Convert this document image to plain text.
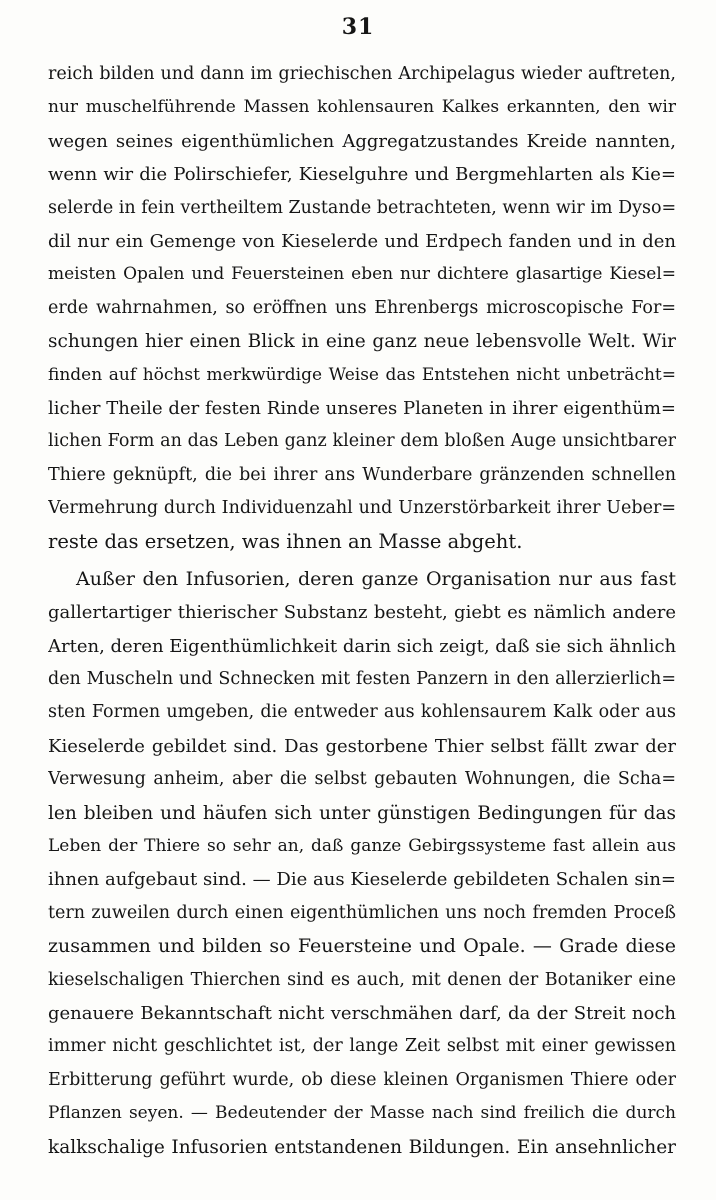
31
reich bilden und dann im griechischen Archipelagus wieder auftreten,
nur muschelführende Massen kohlensauren Kalkes erkannten, den wir
wegen seines eigenthümlichen Aggregatzustandes Kreide nannten,
wenn wir die Polirschiefer, Kieselguhre und Bergmehlarten als Kie=
selerde in fein vertheiltem Zustande betrachteten, wenn wir im Dyso=
dil nur ein Gemenge von Kieselerde und Erdpech fanden und in den
meisten Opalen und Feuersteinen eben nur dichtere glasartige Kiesel=
erde wahrnahmen, so eröffnen uns Ehrenbergs microscopische For=
schungen hier einen Blick in eine ganz neue lebensvolle Welt. Wir
finden auf höchst merkwürdige Weise das Entstehen nicht unbeträcht=
licher Theile der festen Rinde unseres Planeten in ihrer eigenthüm=
lichen Form an das Leben ganz kleiner dem bloßen Auge unsichtbarer
Thiere geknüpft, die bei ihrer ans Wunderbare gränzenden schnellen
Vermehrung durch Individuenzahl und Unzerstörbarkeit ihrer Ueber=
reste das ersetzen, was ihnen an Masse abgeht.
Außer den Infusorien, deren ganze Organisation nur aus fast
gallertartiger thierischer Substanz besteht, giebt es nämlich andere
Arten, deren Eigenthümlichkeit darin sich zeigt, daß sie sich ähnlich
den Muscheln und Schnecken mit festen Panzern in den allerzierlich=
sten Formen umgeben, die entweder aus kohlensaurem Kalk oder aus
Kieselerde gebildet sind. Das gestorbene Thier selbst fällt zwar der
Verwesung anheim, aber die selbst gebauten Wohnungen, die Scha=
len bleiben und häufen sich unter günstigen Bedingungen für das
Leben der Thiere so sehr an, daß ganze Gebirgssysteme fast allein aus
ihnen aufgebaut sind. — Die aus Kieselerde gebildeten Schalen sin=
tern zuweilen durch einen eigenthümlichen uns noch fremden Proceß
zusammen und bilden so Feuersteine und Opale. — Grade diese
kieselschaligen Thierchen sind es auch, mit denen der Botaniker eine
genauere Bekanntschaft nicht verschmähen darf, da der Streit noch
immer nicht geschlichtet ist, der lange Zeit selbst mit einer gewissen
Erbitterung geführt wurde, ob diese kleinen Organismen Thiere oder
Pflanzen seyen. — Bedeutender der Masse nach sind freilich die durch
kalkschalige Infusorien entstandenen Bildungen. Ein ansehnlicher
